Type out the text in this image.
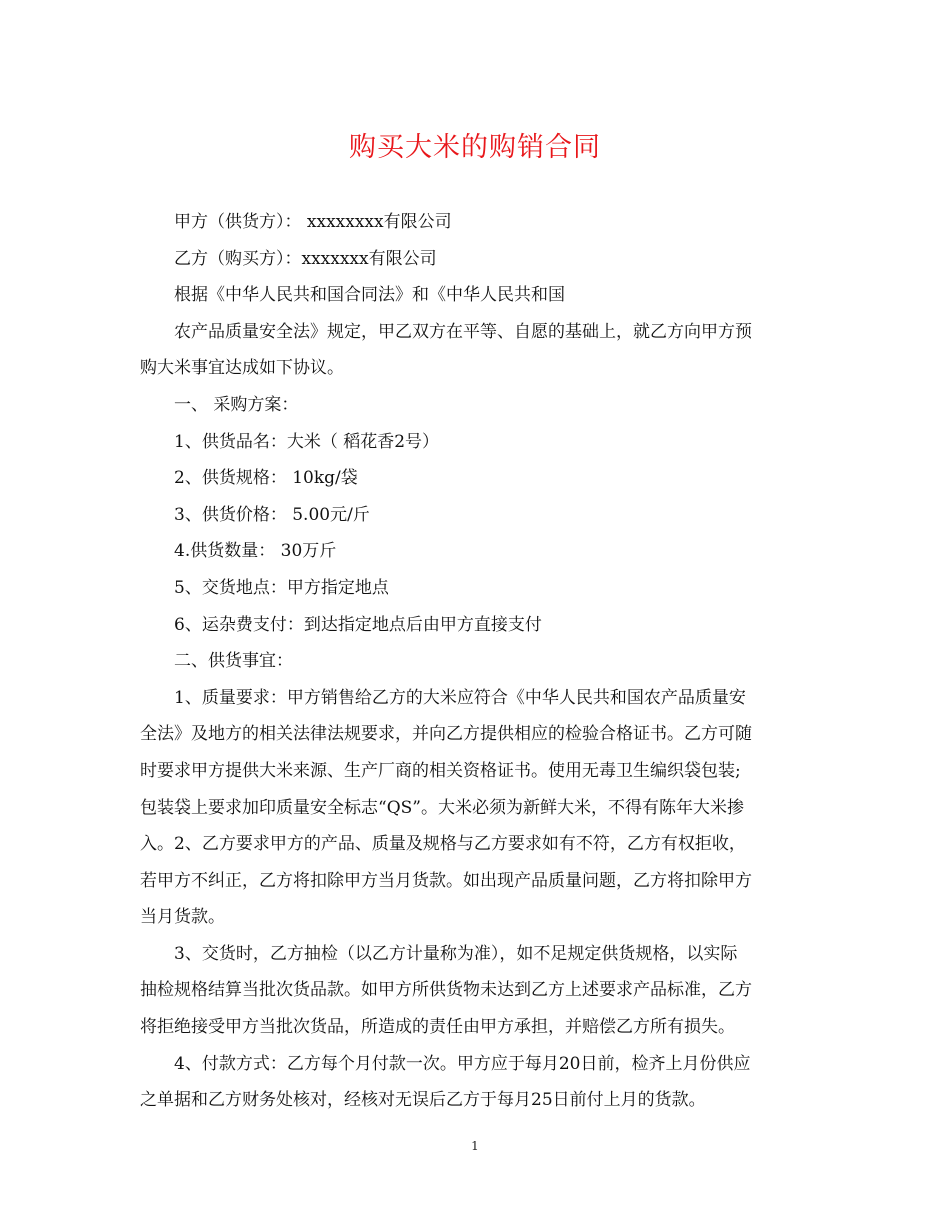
购买大米的购销合同
甲方（供货方）： xxxxxxxx有限公司
乙方（购买方）：xxxxxxx有限公司
根据《中华人民共和国合同法》和《中华人民共和国
农产品质量安全法》规定，甲乙双方在平等、自愿的基础上，就乙方向甲方预
购大米事宜达成如下协议。
一、 采购方案：
1、供货品名：大米（ 稻花香2号）
2、供货规格： 10kg/袋
3、供货价格： 5.00元/斤
4.供货数量： 30万斤
5、交货地点：甲方指定地点
6、运杂费支付：到达指定地点后由甲方直接支付
二、供货事宜：
1、质量要求：甲方销售给乙方的大米应符合《中华人民共和国农产品质量安
全法》及地方的相关法律法规要求，并向乙方提供相应的检验合格证书。乙方可随
时要求甲方提供大米来源、生产厂商的相关资格证书。使用无毒卫生编织袋包装;
包装袋上要求加印质量安全标志“QS”。大米必须为新鲜大米，不得有陈年大米掺
入。2、乙方要求甲方的产品、质量及规格与乙方要求如有不符，乙方有权拒收，
若甲方不纠正，乙方将扣除甲方当月货款。如出现产品质量问题，乙方将扣除甲方
当月货款。
3、交货时，乙方抽检（以乙方计量称为准），如不足规定供货规格，以实际
抽检规格结算当批次货品款。如甲方所供货物未达到乙方上述要求产品标准，乙方
将拒绝接受甲方当批次货品，所造成的责任由甲方承担，并赔偿乙方所有损失。
4、付款方式：乙方每个月付款一次。甲方应于每月20日前，检齐上月份供应
之单据和乙方财务处核对，经核对无误后乙方于每月25日前付上月的货款。
1
